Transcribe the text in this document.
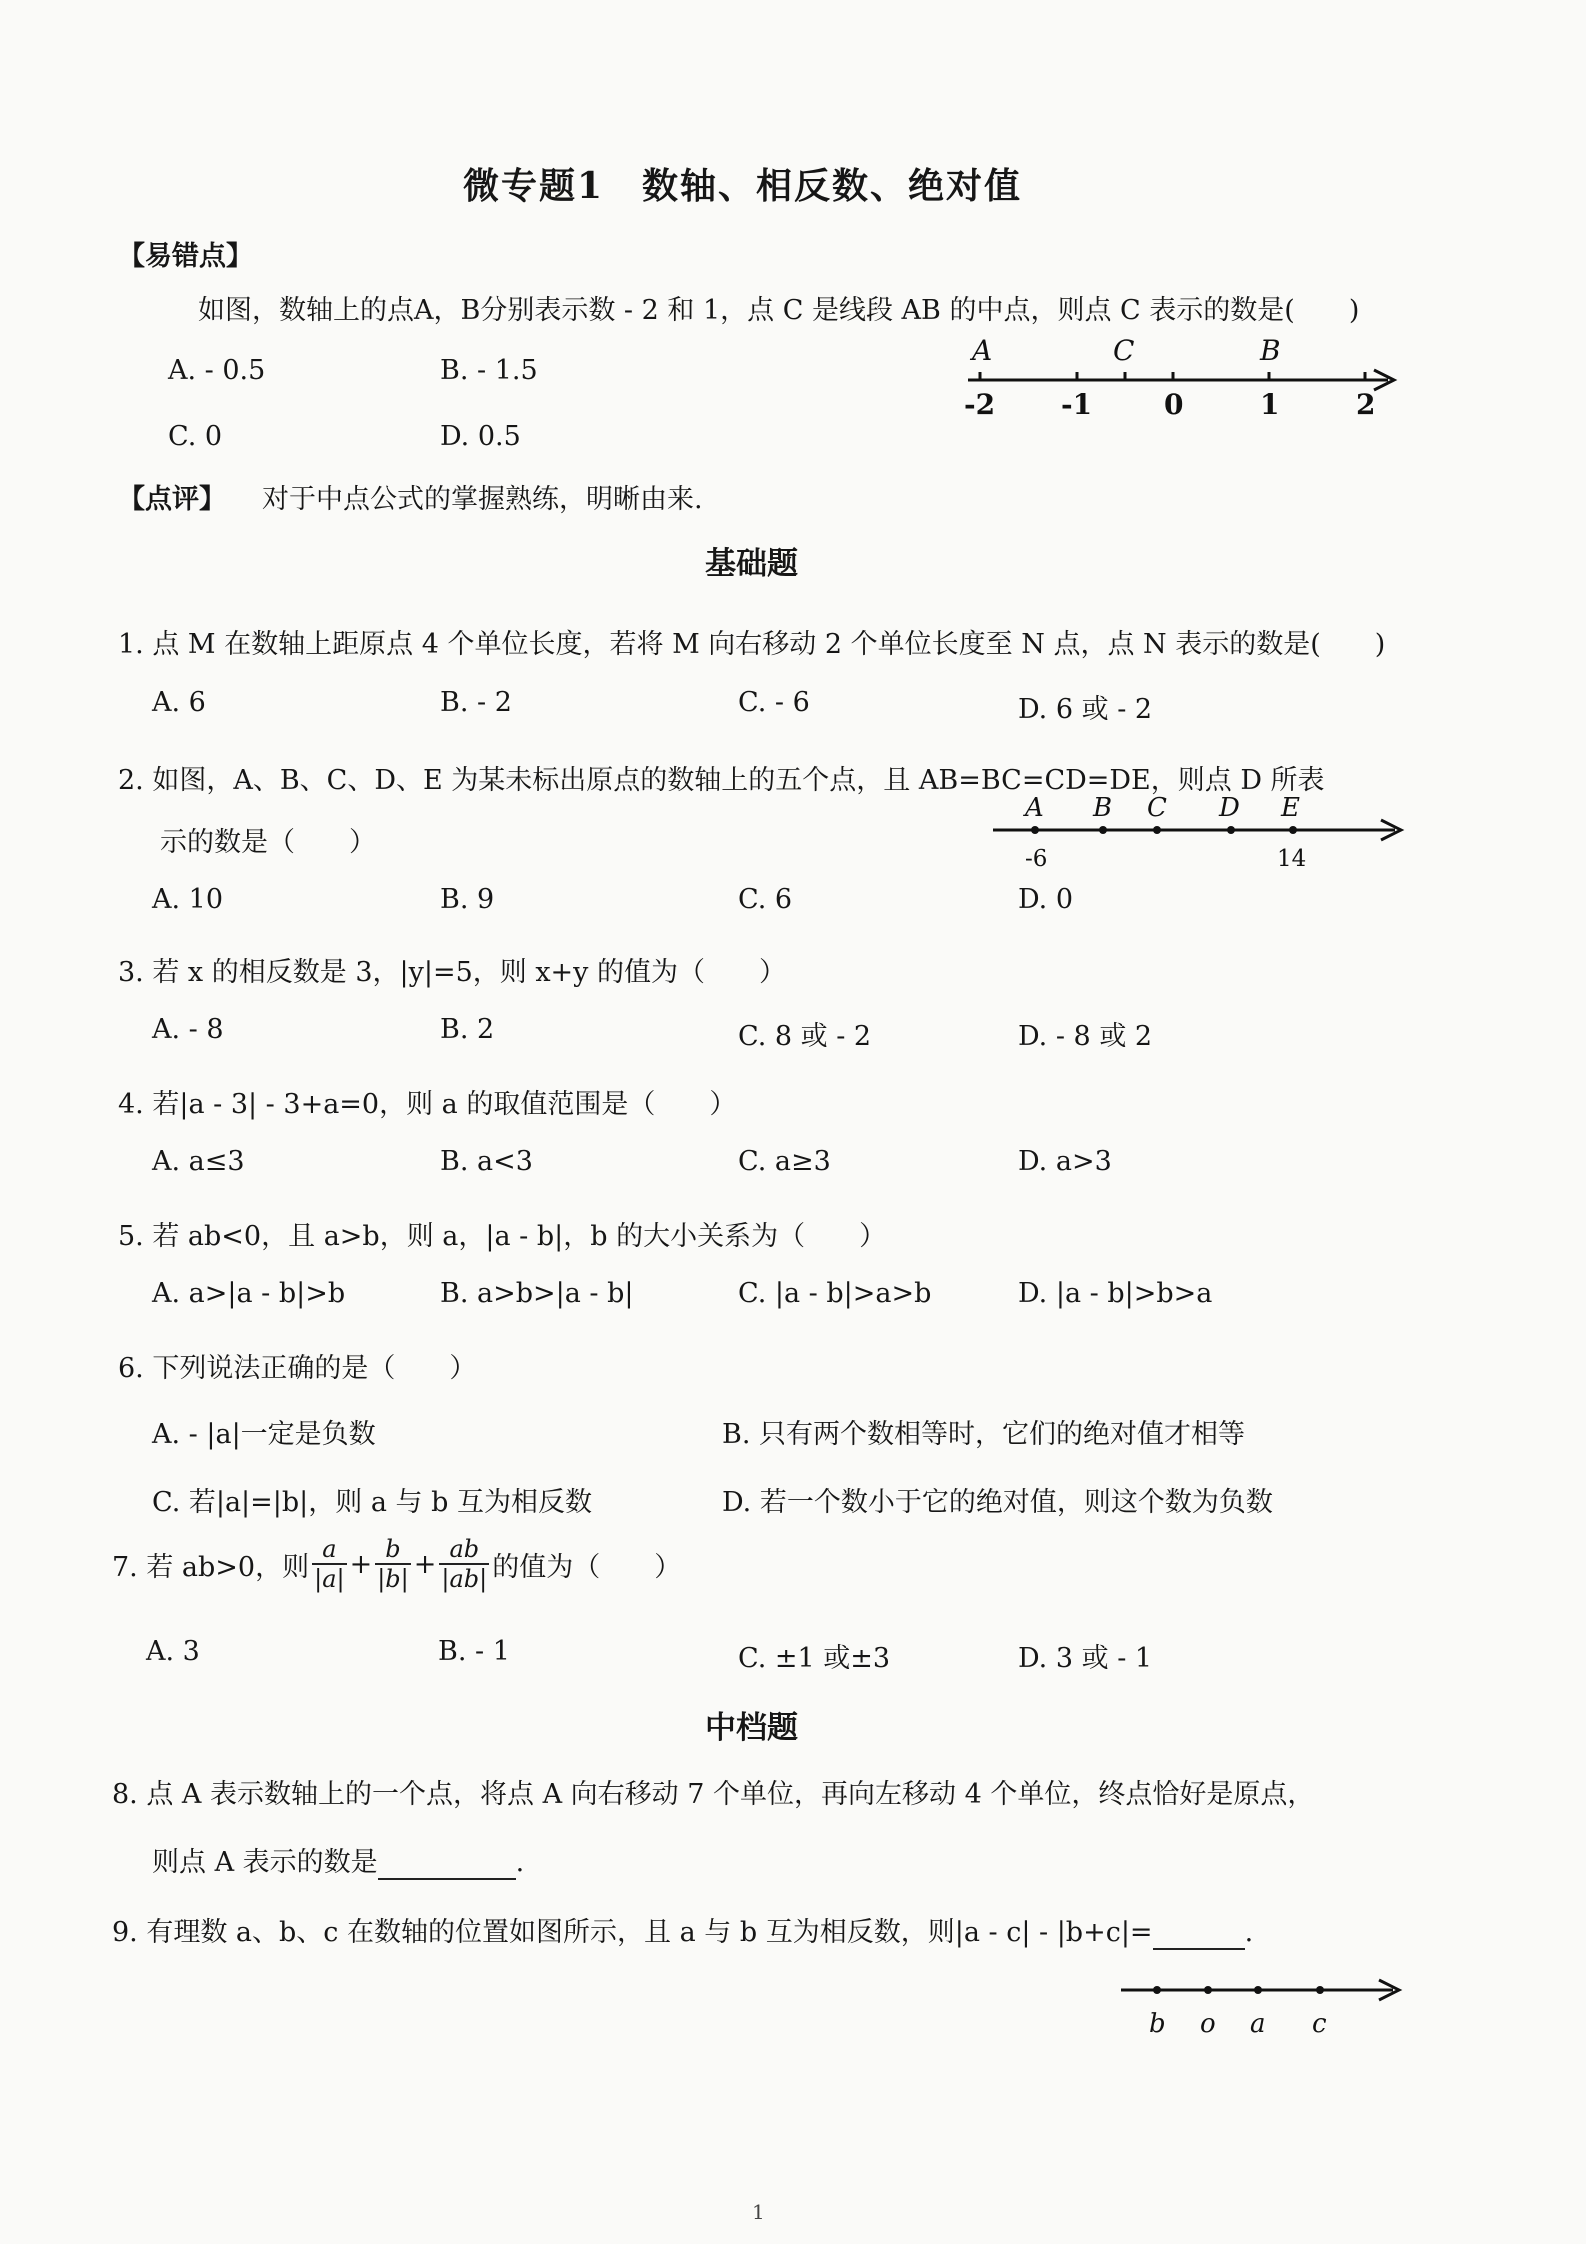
微专题1　数轴、相反数、绝对值
【易错点】
如图，数轴上的点A，B分别表示数 - 2 和 1，点 C 是线段 AB 的中点，则点 C 表示的数是(　　)
A. - 0.5	B. - 1.5
C. 0	D. 0.5
A	C	B
-2 -1	0	1	2
【点评】 对于中点公式的掌握熟练，明晰由来.
基础题
1. 点 M 在数轴上距原点 4 个单位长度，若将 M 向右移动 2 个单位长度至 N 点，点 N 表示的数是(　　)
A. 6	B. - 2	C. - 6	D. 6 或 - 2
2. 如图，A、B、C、D、E 为某未标出原点的数轴上的五个点，且 AB=BC=CD=DE，则点 D 所表
示的数是（　　）
A B C D E
-6	14
A. 10	B. 9	C. 6	D. 0
3. 若 x 的相反数是 3，|y|=5，则 x+y 的值为（　　）
A. - 8	B. 2	C. 8 或 - 2	D. - 8 或 2
4. 若|a - 3| - 3+a=0，则 a 的取值范围是（　　）
A. a≤3	B. a<3	C. a≥3	D. a>3
5. 若 ab<0，且 a>b，则 a，|a - b|，b 的大小关系为（　　）
A. a>|a - b|>b	B. a>b>|a - b|	C. |a - b|>a>b	D. |a - b|>b>a
6. 下列说法正确的是（　　）
A. - |a|一定是负数	B. 只有两个数相等时，它们的绝对值才相等
C. 若|a|=|b|，则 a 与 b 互为相反数	D. 若一个数小于它的绝对值，则这个数为负数
7. 若 ab>0，则 $\frac{a}{|a|} + \frac{b}{|b|} + \frac{ab}{|ab|}$ 的值为（　　）
A. 3	B. - 1	C. ±1 或±3	D. 3 或 - 1
中档题
8. 点 A 表示数轴上的一个点，将点 A 向右移动 7 个单位，再向左移动 4 个单位，终点恰好是原点，
则点 A 表示的数是	.
9. 有理数 a、b、c 在数轴的位置如图所示，且 a 与 b 互为相反数，则|a - c| - |b+c|=	.
b o a c
1
